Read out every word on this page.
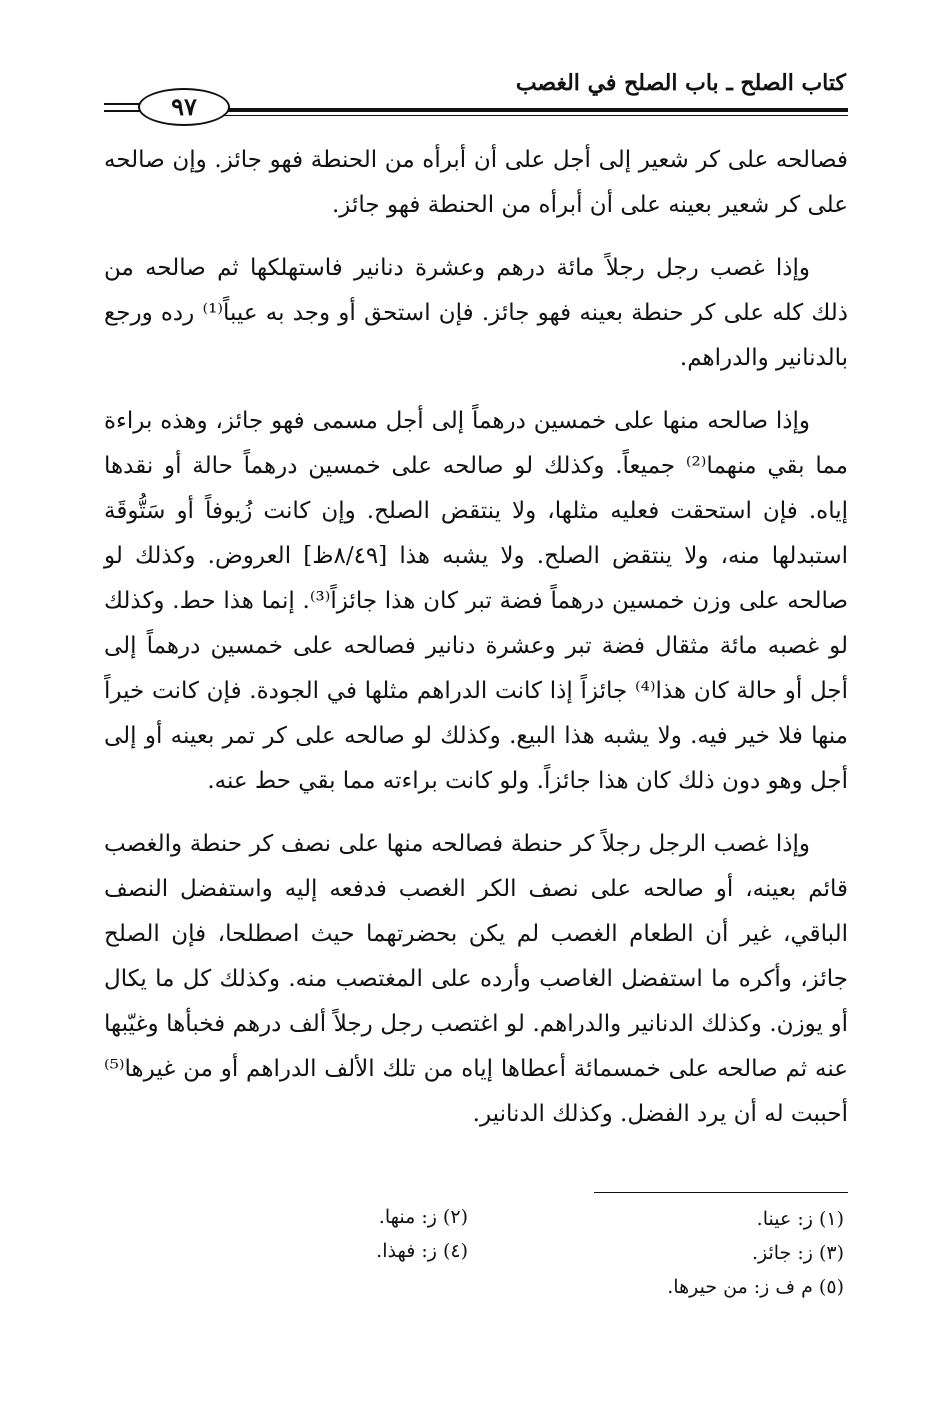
كتاب الصلح ـ باب الصلح في الغصب
٩٧

فصالحه على كر شعير إلى أجل على أن أبرأه من الحنطة فهو جائز. وإن صالحه على كر شعير بعينه على أن أبرأه من الحنطة فهو جائز.

وإذا غصب رجل رجلاً مائة درهم وعشرة دنانير فاستهلكها ثم صالحه من ذلك كله على كر حنطة بعينه فهو جائز. فإن استحق أو وجد به عيباً⁽¹⁾ رده ورجع بالدنانير والدراهم.

وإذا صالحه منها على خمسين درهماً إلى أجل مسمى فهو جائز، وهذه براءة مما بقي منهما⁽²⁾ جميعاً. وكذلك لو صالحه على خمسين درهماً حالة أو نقدها إياه. فإن استحقت فعليه مثلها، ولا ينتقض الصلح. وإن كانت زُيوفاً أو سَتُّوقَة استبدلها منه، ولا ينتقض الصلح. ولا يشبه هذا [٨/٤٩ظ] العروض. وكذلك لو صالحه على وزن خمسين درهماً فضة تبر كان هذا جائزاً⁽³⁾. إنما هذا حط. وكذلك لو غصبه مائة مثقال فضة تبر وعشرة دنانير فصالحه على خمسين درهماً إلى أجل أو حالة كان هذا⁽⁴⁾ جائزاً إذا كانت الدراهم مثلها في الجودة. فإن كانت خيراً منها فلا خير فيه. ولا يشبه هذا البيع. وكذلك لو صالحه على كر تمر بعينه أو إلى أجل وهو دون ذلك كان هذا جائزاً. ولو كانت براءته مما بقي حط عنه.

وإذا غصب الرجل رجلاً كر حنطة فصالحه منها على نصف كر حنطة والغصب قائم بعينه، أو صالحه على نصف الكر الغصب فدفعه إليه واستفضل النصف الباقي، غير أن الطعام الغصب لم يكن بحضرتهما حيث اصطلحا، فإن الصلح جائز، وأكره ما استفضل الغاصب وأرده على المغتصب منه. وكذلك كل ما يكال أو يوزن. وكذلك الدنانير والدراهم. لو اغتصب رجل رجلاً ألف درهم فخبأها وغيّبها عنه ثم صالحه على خمسمائة أعطاها إياه من تلك الألف الدراهم أو من غيرها⁽⁵⁾ أحببت له أن يرد الفضل. وكذلك الدنانير.

(١) ز: عينا.
(٢) ز: منها.
(٣) ز: جائز.
(٤) ز: فهذا.
(٥) م ف ز: من حيرها.
